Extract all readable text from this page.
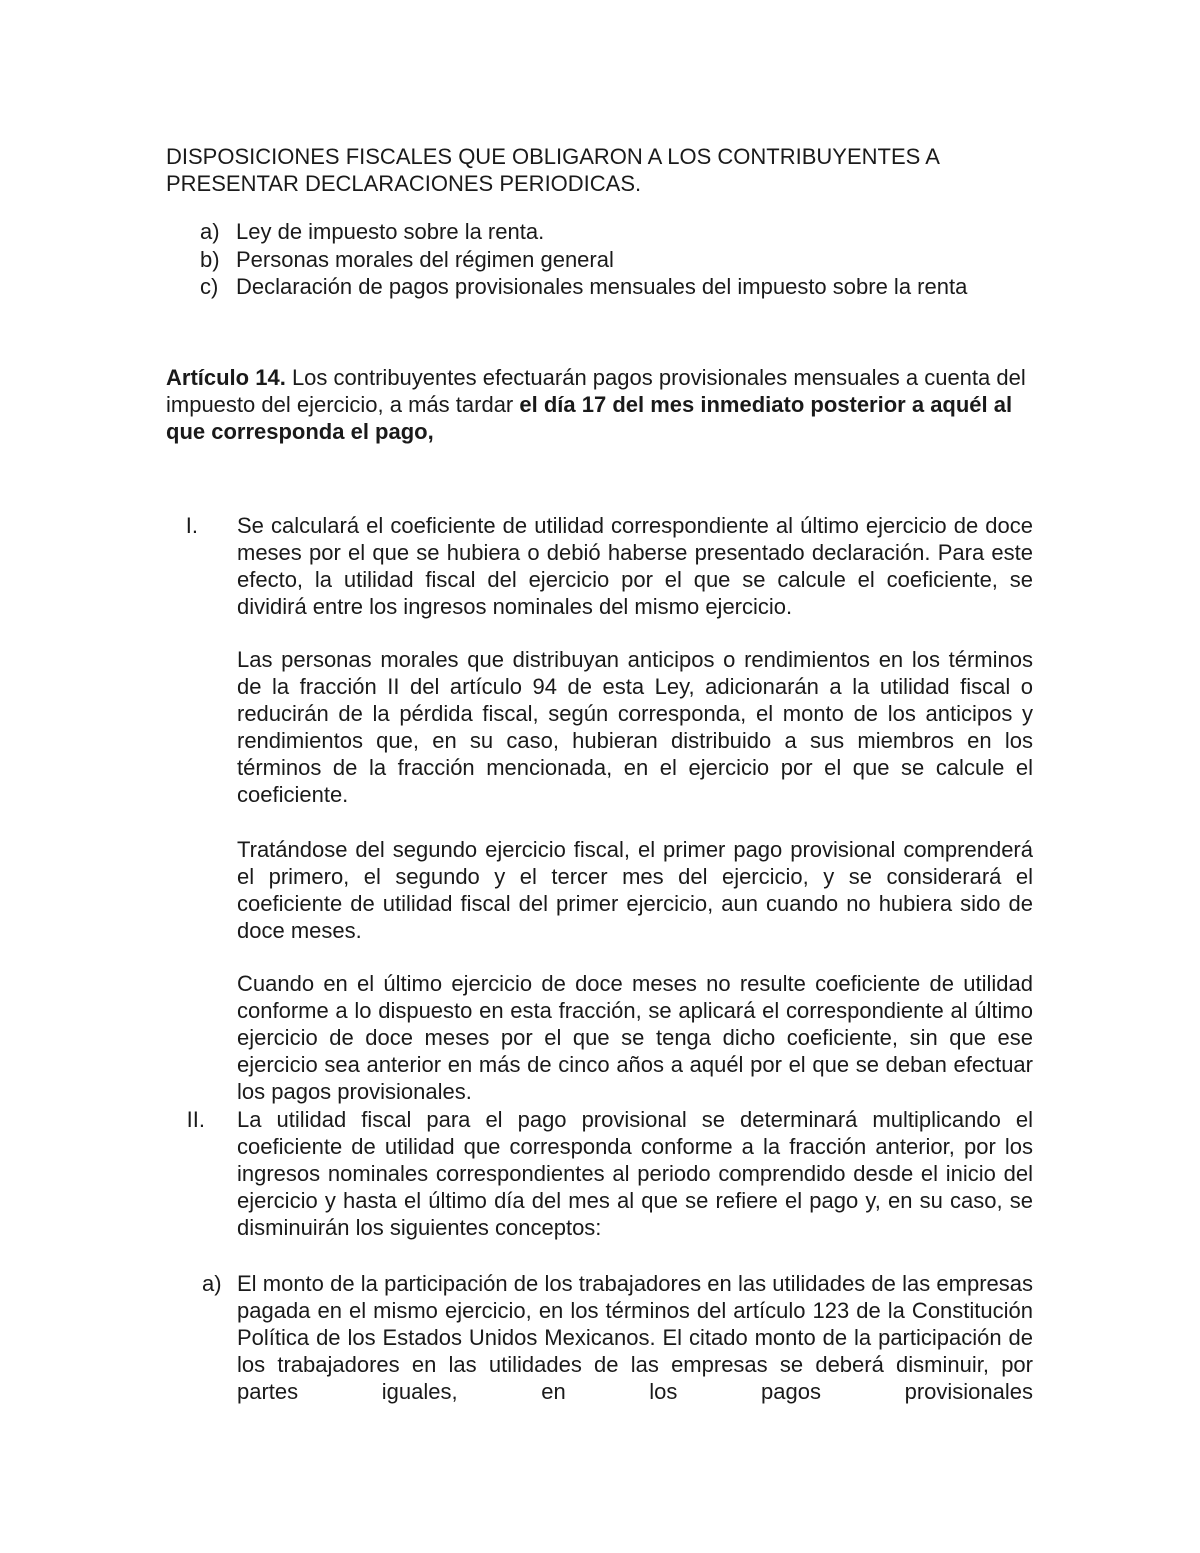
DISPOSICIONES FISCALES QUE OBLIGARON A LOS CONTRIBUYENTES A PRESENTAR DECLARACIONES PERIODICAS.

a) Ley de impuesto sobre la renta.
b) Personas morales del régimen general
c) Declaración de pagos provisionales mensuales del impuesto sobre la renta

Artículo 14. Los contribuyentes efectuarán pagos provisionales mensuales a cuenta del impuesto del ejercicio, a más tardar el día 17 del mes inmediato posterior a aquél al que corresponda el pago,

I. Se calculará el coeficiente de utilidad correspondiente al último ejercicio de doce meses por el que se hubiera o debió haberse presentado declaración. Para este efecto, la utilidad fiscal del ejercicio por el que se calcule el coeficiente, se dividirá entre los ingresos nominales del mismo ejercicio.

Las personas morales que distribuyan anticipos o rendimientos en los términos de la fracción II del artículo 94 de esta Ley, adicionarán a la utilidad fiscal o reducirán de la pérdida fiscal, según corresponda, el monto de los anticipos y rendimientos que, en su caso, hubieran distribuido a sus miembros en los términos de la fracción mencionada, en el ejercicio por el que se calcule el coeficiente.

Tratándose del segundo ejercicio fiscal, el primer pago provisional comprenderá el primero, el segundo y el tercer mes del ejercicio, y se considerará el coeficiente de utilidad fiscal del primer ejercicio, aun cuando no hubiera sido de doce meses.

Cuando en el último ejercicio de doce meses no resulte coeficiente de utilidad conforme a lo dispuesto en esta fracción, se aplicará el correspondiente al último ejercicio de doce meses por el que se tenga dicho coeficiente, sin que ese ejercicio sea anterior en más de cinco años a aquél por el que se deban efectuar los pagos provisionales.

II. La utilidad fiscal para el pago provisional se determinará multiplicando el coeficiente de utilidad que corresponda conforme a la fracción anterior, por los ingresos nominales correspondientes al periodo comprendido desde el inicio del ejercicio y hasta el último día del mes al que se refiere el pago y, en su caso, se disminuirán los siguientes conceptos:

a) El monto de la participación de los trabajadores en las utilidades de las empresas pagada en el mismo ejercicio, en los términos del artículo 123 de la Constitución Política de los Estados Unidos Mexicanos. El citado monto de la participación de los trabajadores en las utilidades de las empresas se deberá disminuir, por partes iguales, en los pagos provisionales
